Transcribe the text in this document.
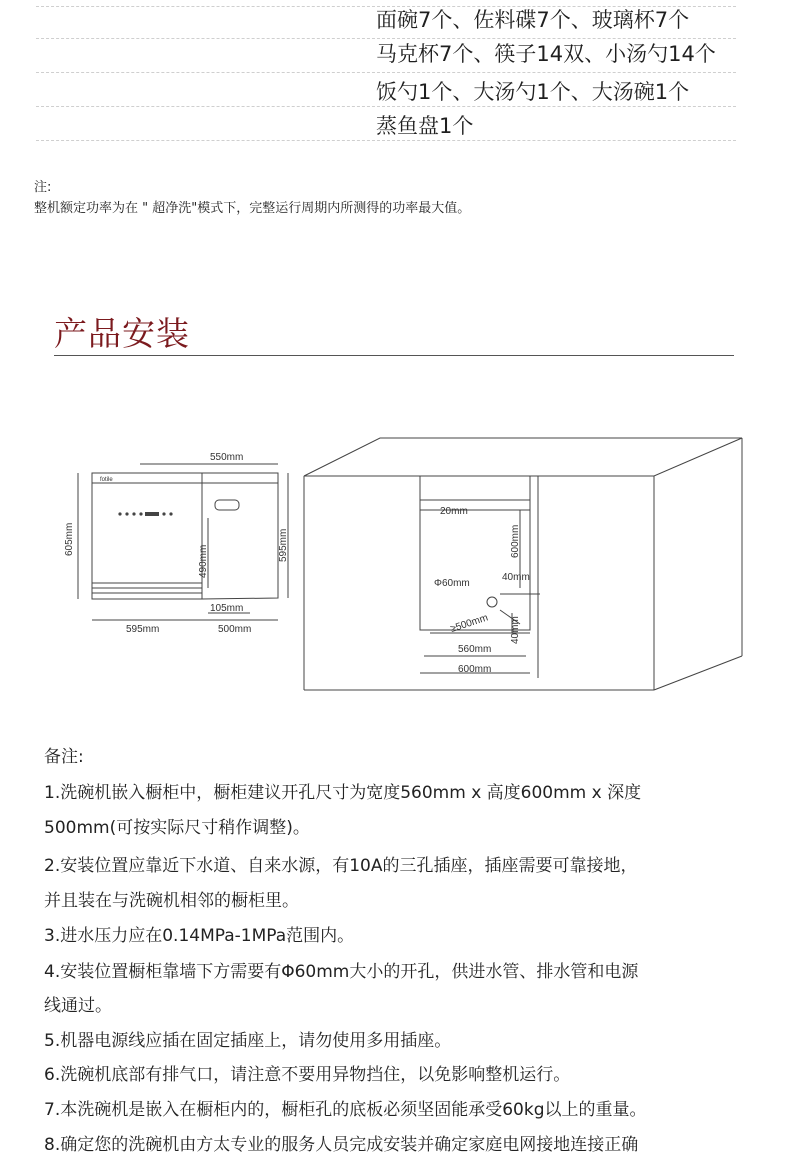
面碗7个、佐料碟7个、玻璃杯7个
马克杯7个、筷子14双、小汤勺14个
饭勺1个、大汤勺1个、大汤碗1个
蒸鱼盘1个
注:
整机额定功率为在 " 超净洗"模式下，完整运行周期内所测得的功率最大值。
产品安装
550mm
605mm
490mm	595mm
105mm
595mm	500mm
20mm
600mm
40mm
Φ60mm
≥500mm 40mm
560mm
600mm
fotile
备注:
1.洗碗机嵌入橱柜中，橱柜建议开孔尺寸为宽度560mm x 高度600mm x 深度
500mm(可按实际尺寸稍作调整)。
2.安装位置应靠近下水道、自来水源，有10A的三孔插座，插座需要可靠接地，
并且装在与洗碗机相邻的橱柜里。
3.进水压力应在0.14MPa-1MPa范围内。
4.安装位置橱柜靠墙下方需要有Φ60mm大小的开孔，供进水管、排水管和电源
线通过。
5.机器电源线应插在固定插座上，请勿使用多用插座。
6.洗碗机底部有排气口，请注意不要用异物挡住，以免影响整机运行。
7.本洗碗机是嵌入在橱柜内的，橱柜孔的底板必须坚固能承受60kg以上的重量。
8.确定您的洗碗机由方太专业的服务人员完成安装并确定家庭电网接地连接正确
